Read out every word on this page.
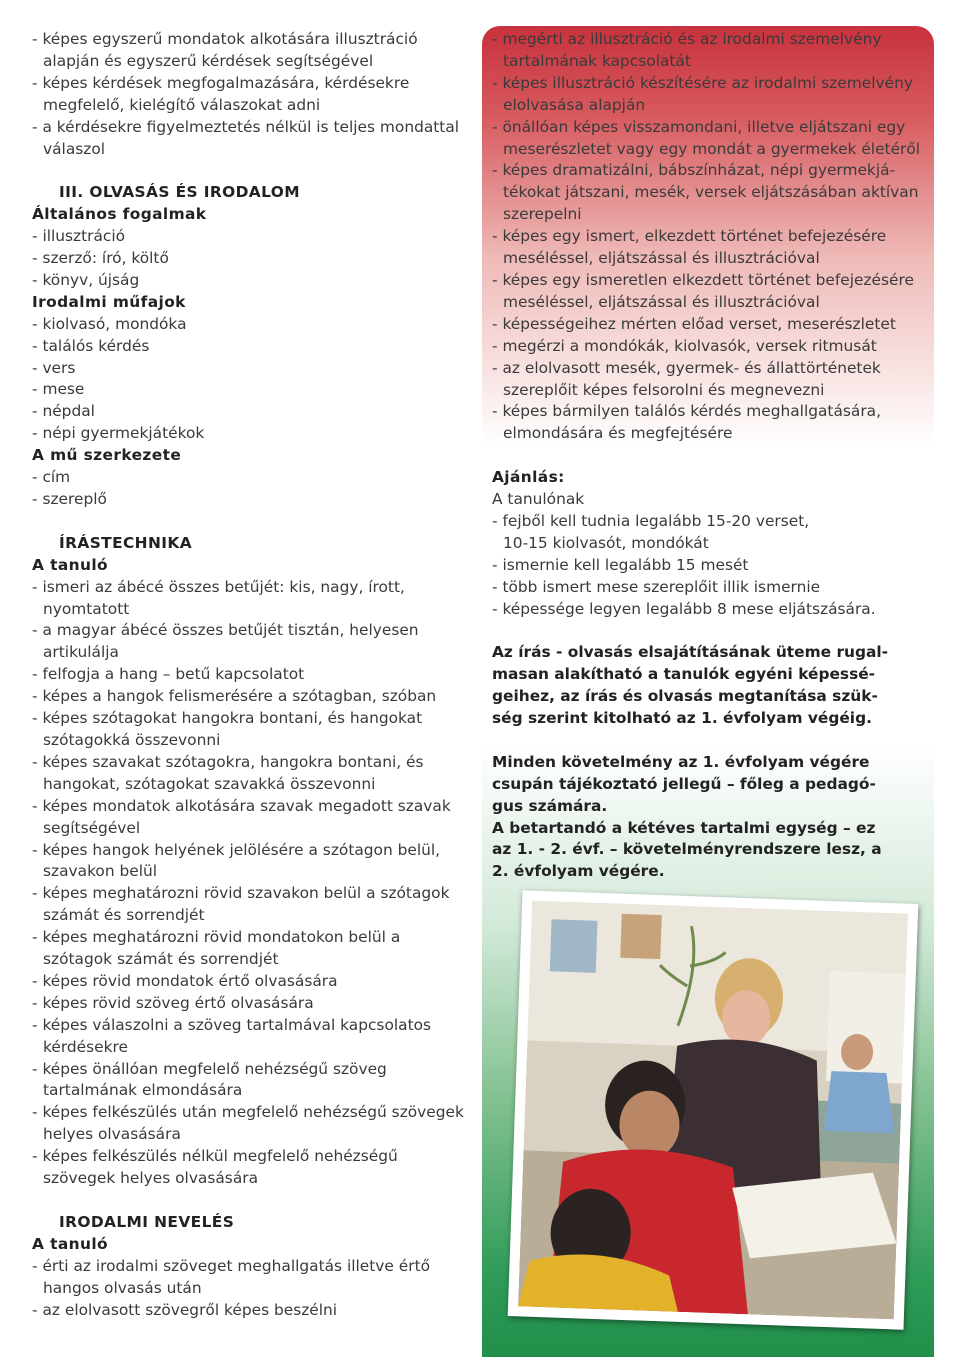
- képes egyszerű mondatok alkotására illusztráció
alapján és egyszerű kérdések segítségével
- képes kérdések megfogalmazására, kérdésekre
megfelelő, kielégítő válaszokat adni
- a kérdésekre figyelmeztetés nélkül is teljes mondattal
válaszol
III. OLVASÁS ÉS IRODALOM
Általános fogalmak
- illusztráció
- szerző: író, költő
- könyv, újság
Irodalmi műfajok
- kiolvasó, mondóka
- találós kérdés
- vers
- mese
- népdal
- népi gyermekjátékok
A mű szerkezete
- cím
- szereplő
ÍRÁSTECHNIKA
A tanuló
- ismeri az ábécé összes betűjét: kis, nagy, írott,
nyomtatott
- a magyar ábécé összes betűjét tisztán, helyesen
artikulálja
- felfogja a hang – betű kapcsolatot
- képes a hangok felismerésére a szótagban, szóban
- képes szótagokat hangokra bontani, és hangokat
szótagokká összevonni
- képes szavakat szótagokra, hangokra bontani, és
hangokat, szótagokat szavakká összevonni
- képes mondatok alkotására szavak megadott szavak
segítségével
- képes hangok helyének jelölésére a szótagon belül,
szavakon belül
- képes meghatározni rövid szavakon belül a szótagok
számát és sorrendjét
- képes meghatározni rövid mondatokon belül a
szótagok számát és sorrendjét
- képes rövid mondatok értő olvasására
- képes rövid szöveg értő olvasására
- képes válaszolni a szöveg tartalmával kapcsolatos
kérdésekre
- képes önállóan megfelelő nehézségű szöveg
tartalmának elmondására
- képes felkészülés után megfelelő nehézségű szövegek
helyes olvasására
- képes felkészülés nélkül megfelelő nehézségű
szövegek helyes olvasására
IRODALMI NEVELÉS
A tanuló
- érti az irodalmi szöveget meghallgatás illetve értő
hangos olvasás után
- az elolvasott szövegről képes beszélni
- megérti az illusztráció és az irodalmi szemelvény
tartalmának kapcsolatát
- képes illusztráció készítésére az irodalmi szemelvény
elolvasása alapján
- önállóan képes visszamondani, illetve eljátszani egy
meserészletet vagy egy mondát a gyermekek életéről
- képes dramatizálni, bábszínházat, népi gyermekjá-
tékokat játszani, mesék, versek eljátszásában aktívan
szerepelni
- képes egy ismert, elkezdett történet befejezésére
meséléssel, eljátszással és illusztrációval
- képes egy ismeretlen elkezdett történet befejezésére
meséléssel, eljátszással és illusztrációval
- képességeihez mérten előad verset, meserészletet
- megérzi a mondókák, kiolvasók, versek ritmusát
- az elolvasott mesék, gyermek- és állattörténetek
szereplőit képes felsorolni és megnevezni
- képes bármilyen találós kérdés meghallgatására,
elmondására és megfejtésére
Ajánlás:
A tanulónak
- fejből kell tudnia legalább 15-20 verset,
10-15 kiolvasót, mondókát
- ismernie kell legalább 15 mesét
- több ismert mese szereplőit illik ismernie
- képessége legyen legalább 8 mese eljátszására.
Az írás - olvasás elsajátításának üteme rugal-
masan alakítható a tanulók egyéni képessé-
geihez, az írás és olvasás megtanítása szük-
ség szerint kitolható az 1. évfolyam végéig.
Minden követelmény az 1. évfolyam végére
csupán tájékoztató jellegű – főleg a pedagó-
gus számára.
A betartandó a kétéves tartalmi egység – ez
az 1. - 2. évf. – követelményrendszere lesz, a
2. évfolyam végére.
